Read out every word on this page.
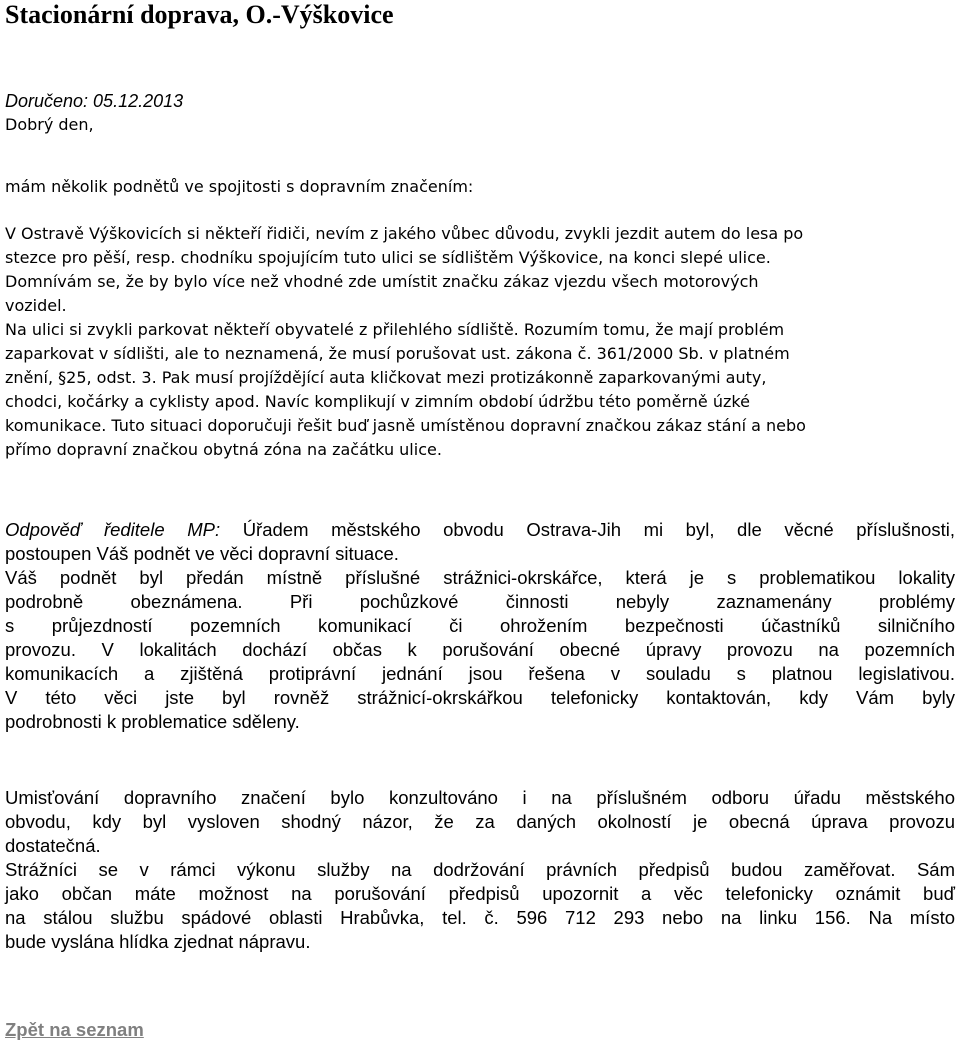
Stacionární doprava, O.-Výškovice
Doručeno: 05.12.2013
Dobrý den,
mám několik podnětů ve spojitosti s dopravním značením:
V Ostravě Výškovicích si někteří řidiči, nevím z jakého vůbec důvodu, zvykli jezdit autem do lesa po
stezce pro pěší, resp. chodníku spojujícím tuto ulici se sídlištěm Výškovice, na konci slepé ulice.
Domnívám se, že by bylo více než vhodné zde umístit značku zákaz vjezdu všech motorových
vozidel.
Na ulici si zvykli parkovat někteří obyvatelé z přilehlého sídliště. Rozumím tomu, že mají problém
zaparkovat v sídlišti, ale to neznamená, že musí porušovat ust. zákona č. 361/2000 Sb. v platném
znění, §25, odst. 3. Pak musí projíždějící auta kličkovat mezi protizákonně zaparkovanými auty,
chodci, kočárky a cyklisty apod. Navíc komplikují v zimním období údržbu této poměrně úzké
komunikace. Tuto situaci doporučuji řešit buď jasně umístěnou dopravní značkou zákaz stání a nebo
přímo dopravní značkou obytná zóna na začátku ulice.
Odpověď ředitele MP: Úřadem městského obvodu Ostrava-Jih mi byl, dle věcné příslušnosti,
postoupen Váš podnět ve věci dopravní situace.
Váš podnět byl předán místně příslušné strážnici-okrskářce, která je s problematikou lokality
podrobně obeznámena. Při pochůzkové činnosti nebyly zaznamenány problémy
s průjezdností pozemních komunikací či ohrožením bezpečnosti účastníků silničního
provozu. V lokalitách dochází občas k porušování obecné úpravy provozu na pozemních
komunikacích a zjištěná protiprávní jednání jsou řešena v souladu s platnou legislativou.
V této věci jste byl rovněž strážnicí-okrskářkou telefonicky kontaktován, kdy Vám byly
podrobnosti k problematice sděleny.
Umisťování dopravního značení bylo konzultováno i na příslušném odboru úřadu městského
obvodu, kdy byl vysloven shodný názor, že za daných okolností je obecná úprava provozu
dostatečná.
Strážníci se v rámci výkonu služby na dodržování právních předpisů budou zaměřovat. Sám
jako občan máte možnost na porušování předpisů upozornit a věc telefonicky oznámit buď
na stálou službu spádové oblasti Hrabůvka, tel. č. 596 712 293 nebo na linku 156. Na místo
bude vyslána hlídka zjednat nápravu.
Zpět na seznam
